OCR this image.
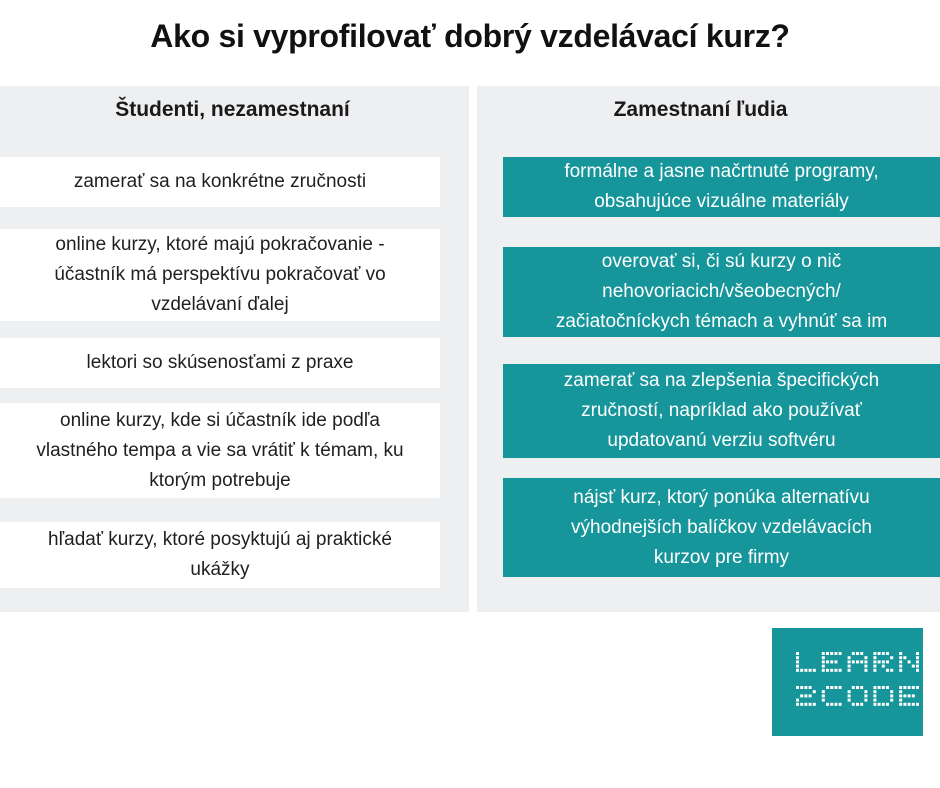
Ako si vyprofilovať dobrý vzdelávací kurz?
Študenti, nezamestnaní
zamerať sa na konkrétne zručnosti
online kurzy, ktoré majú pokračovanie - účastník má perspektívu pokračovať vo vzdelávaní ďalej
lektori so skúsenosťami z praxe
online kurzy, kde si účastník ide podľa vlastného tempa a vie sa vrátiť k témam, ku ktorým potrebuje
hľadať kurzy, ktoré posyktujú aj praktické ukážky
Zamestnaní ľudia
formálne a jasne načrtnuté programy, obsahujúce vizuálne materiály
overovať si, či sú kurzy o nič nehovoriacich/všeobecných/ začiatočníckych témach a vyhnúť sa im
zamerať sa na zlepšenia špecifických zručností, napríklad ako používať updatovanú verziu softvéru
nájsť kurz, ktorý ponúka alternatívu výhodnejších balíčkov vzdelávacích kurzov pre firmy
